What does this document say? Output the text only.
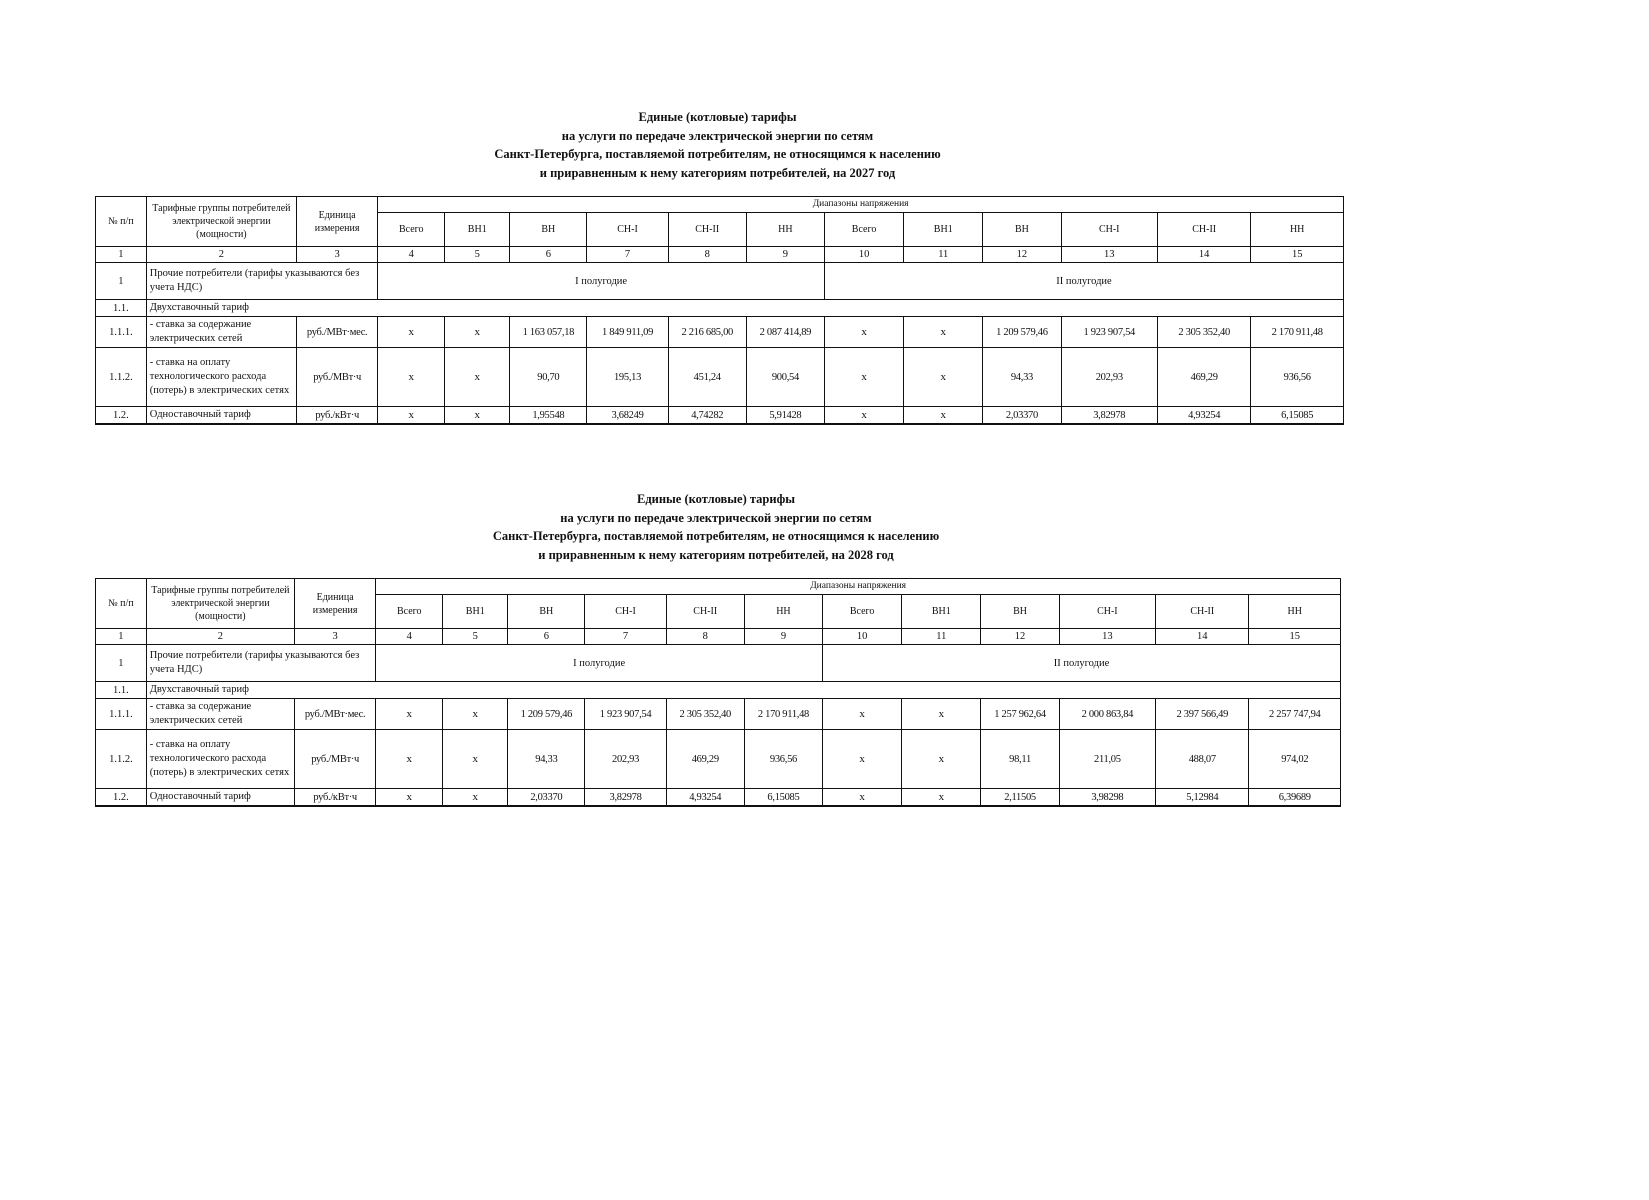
Единые (котловые) тарифы
на услуги по передаче электрической энергии по сетям
Санкт-Петербурга, поставляемой потребителям, не относящимся к населению
и приравненным к нему категориям потребителей, на 2027 год
№ п/п	Тарифные группы потребителей электрической энергии (мощности)	Единица измерения	Диапазоны напряжения											
			Всего	ВН1	ВН	СН-I	СН-II	НН	Всего	ВН1	ВН	СН-I	СН-II	НН
1	2	3	4	5	6	7	8	9	10	11	12	13	14	15
1	Прочие потребители (тарифы указываются без учета НДС)		I полугодие						II полугодие					
1.1.	Двухставочный тариф													
1.1.1.	- ставка за содержание электрических сетей	руб./МВт·мес.	х	х	1 163 057,18	1 849 911,09	2 216 685,00	2 087 414,89	х	х	1 209 579,46	1 923 907,54	2 305 352,40	2 170 911,48
1.1.2.	- ставка на оплату технологического расхода (потерь) в электрических сетях	руб./МВт·ч	х	х	90,70	195,13	451,24	900,54	х	х	94,33	202,93	469,29	936,56
1.2.	Одноставочный тариф	руб./кВт·ч	х	х	1,95548	3,68249	4,74282	5,91428	х	х	2,03370	3,82978	4,93254	6,15085
Единые (котловые) тарифы
на услуги по передаче электрической энергии по сетям
Санкт-Петербурга, поставляемой потребителям, не относящимся к населению
и приравненным к нему категориям потребителей, на 2028 год
№ п/п	Тарифные группы потребителей электрической энергии (мощности)	Единица измерения	Диапазоны напряжения											
			Всего	ВН1	ВН	СН-I	СН-II	НН	Всего	ВН1	ВН	СН-I	СН-II	НН
1	2	3	4	5	6	7	8	9	10	11	12	13	14	15
1	Прочие потребители (тарифы указываются без учета НДС)		I полугодие						II полугодие					
1.1.	Двухставочный тариф													
1.1.1.	- ставка за содержание электрических сетей	руб./МВт·мес.	х	х	1 209 579,46	1 923 907,54	2 305 352,40	2 170 911,48	х	х	1 257 962,64	2 000 863,84	2 397 566,49	2 257 747,94
1.1.2.	- ставка на оплату технологического расхода (потерь) в электрических сетях	руб./МВт·ч	х	х	94,33	202,93	469,29	936,56	х	х	98,11	211,05	488,07	974,02
1.2.	Одноставочный тариф	руб./кВт·ч	х	х	2,03370	3,82978	4,93254	6,15085	х	х	2,11505	3,98298	5,12984	6,39689
